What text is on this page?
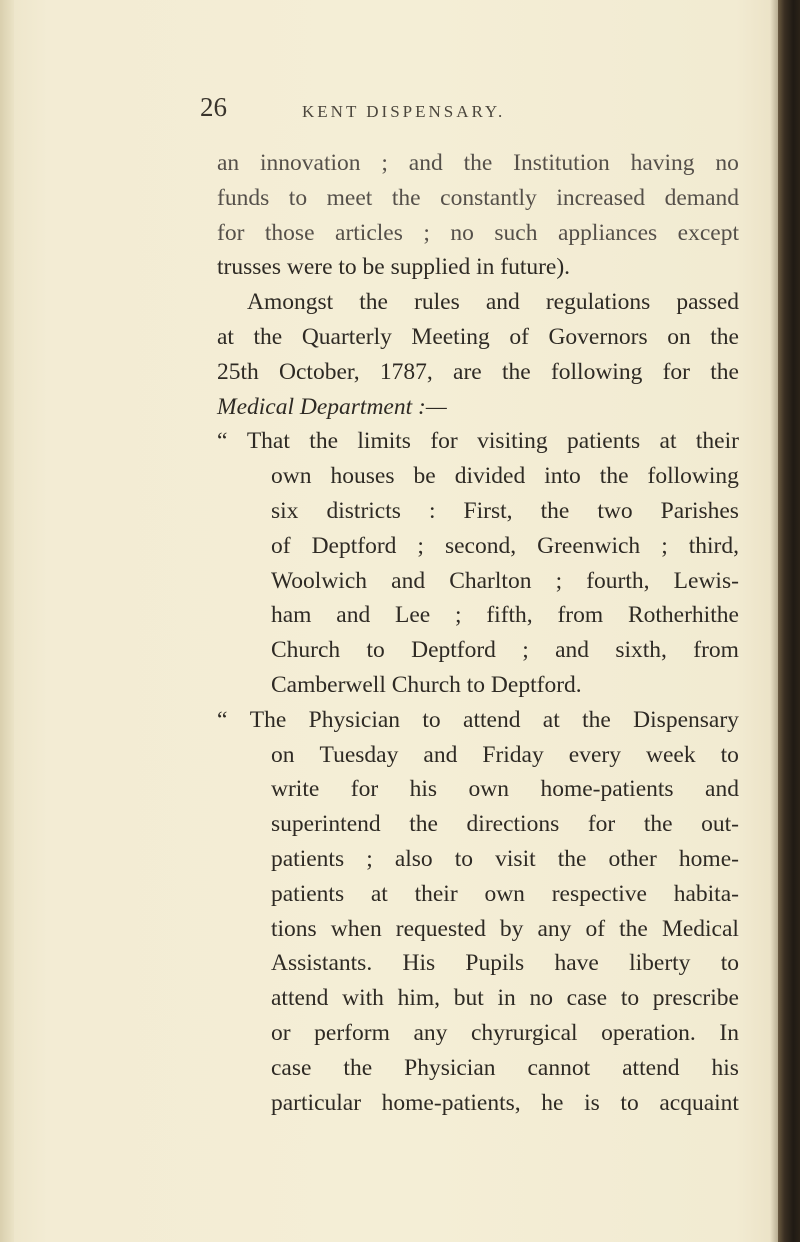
26	KENT DISPENSARY.
an innovation ; and the Institution having no
funds to meet the constantly increased demand
for those articles ; no such appliances except
trusses were to be supplied in future).
Amongst the rules and regulations passed
at the Quarterly Meeting of Governors on the
25th October, 1787, are the following for the
Medical Department :—
“ That the limits for visiting patients at their
own houses be divided into the following
six districts : First, the two Parishes
of Deptford ; second, Greenwich ; third,
Woolwich and Charlton ; fourth, Lewis-
ham and Lee ; fifth, from Rotherhithe
Church to Deptford ; and sixth, from
Camberwell Church to Deptford.
“ The Physician to attend at the Dispensary
on Tuesday and Friday every week to
write for his own home-patients and
superintend the directions for the out-
patients ; also to visit the other home-
patients at their own respective habita-
tions when requested by any of the Medical
Assistants. His Pupils have liberty to
attend with him, but in no case to prescribe
or perform any chyrurgical operation. In
case the Physician cannot attend his
particular home-patients, he is to acquaint
